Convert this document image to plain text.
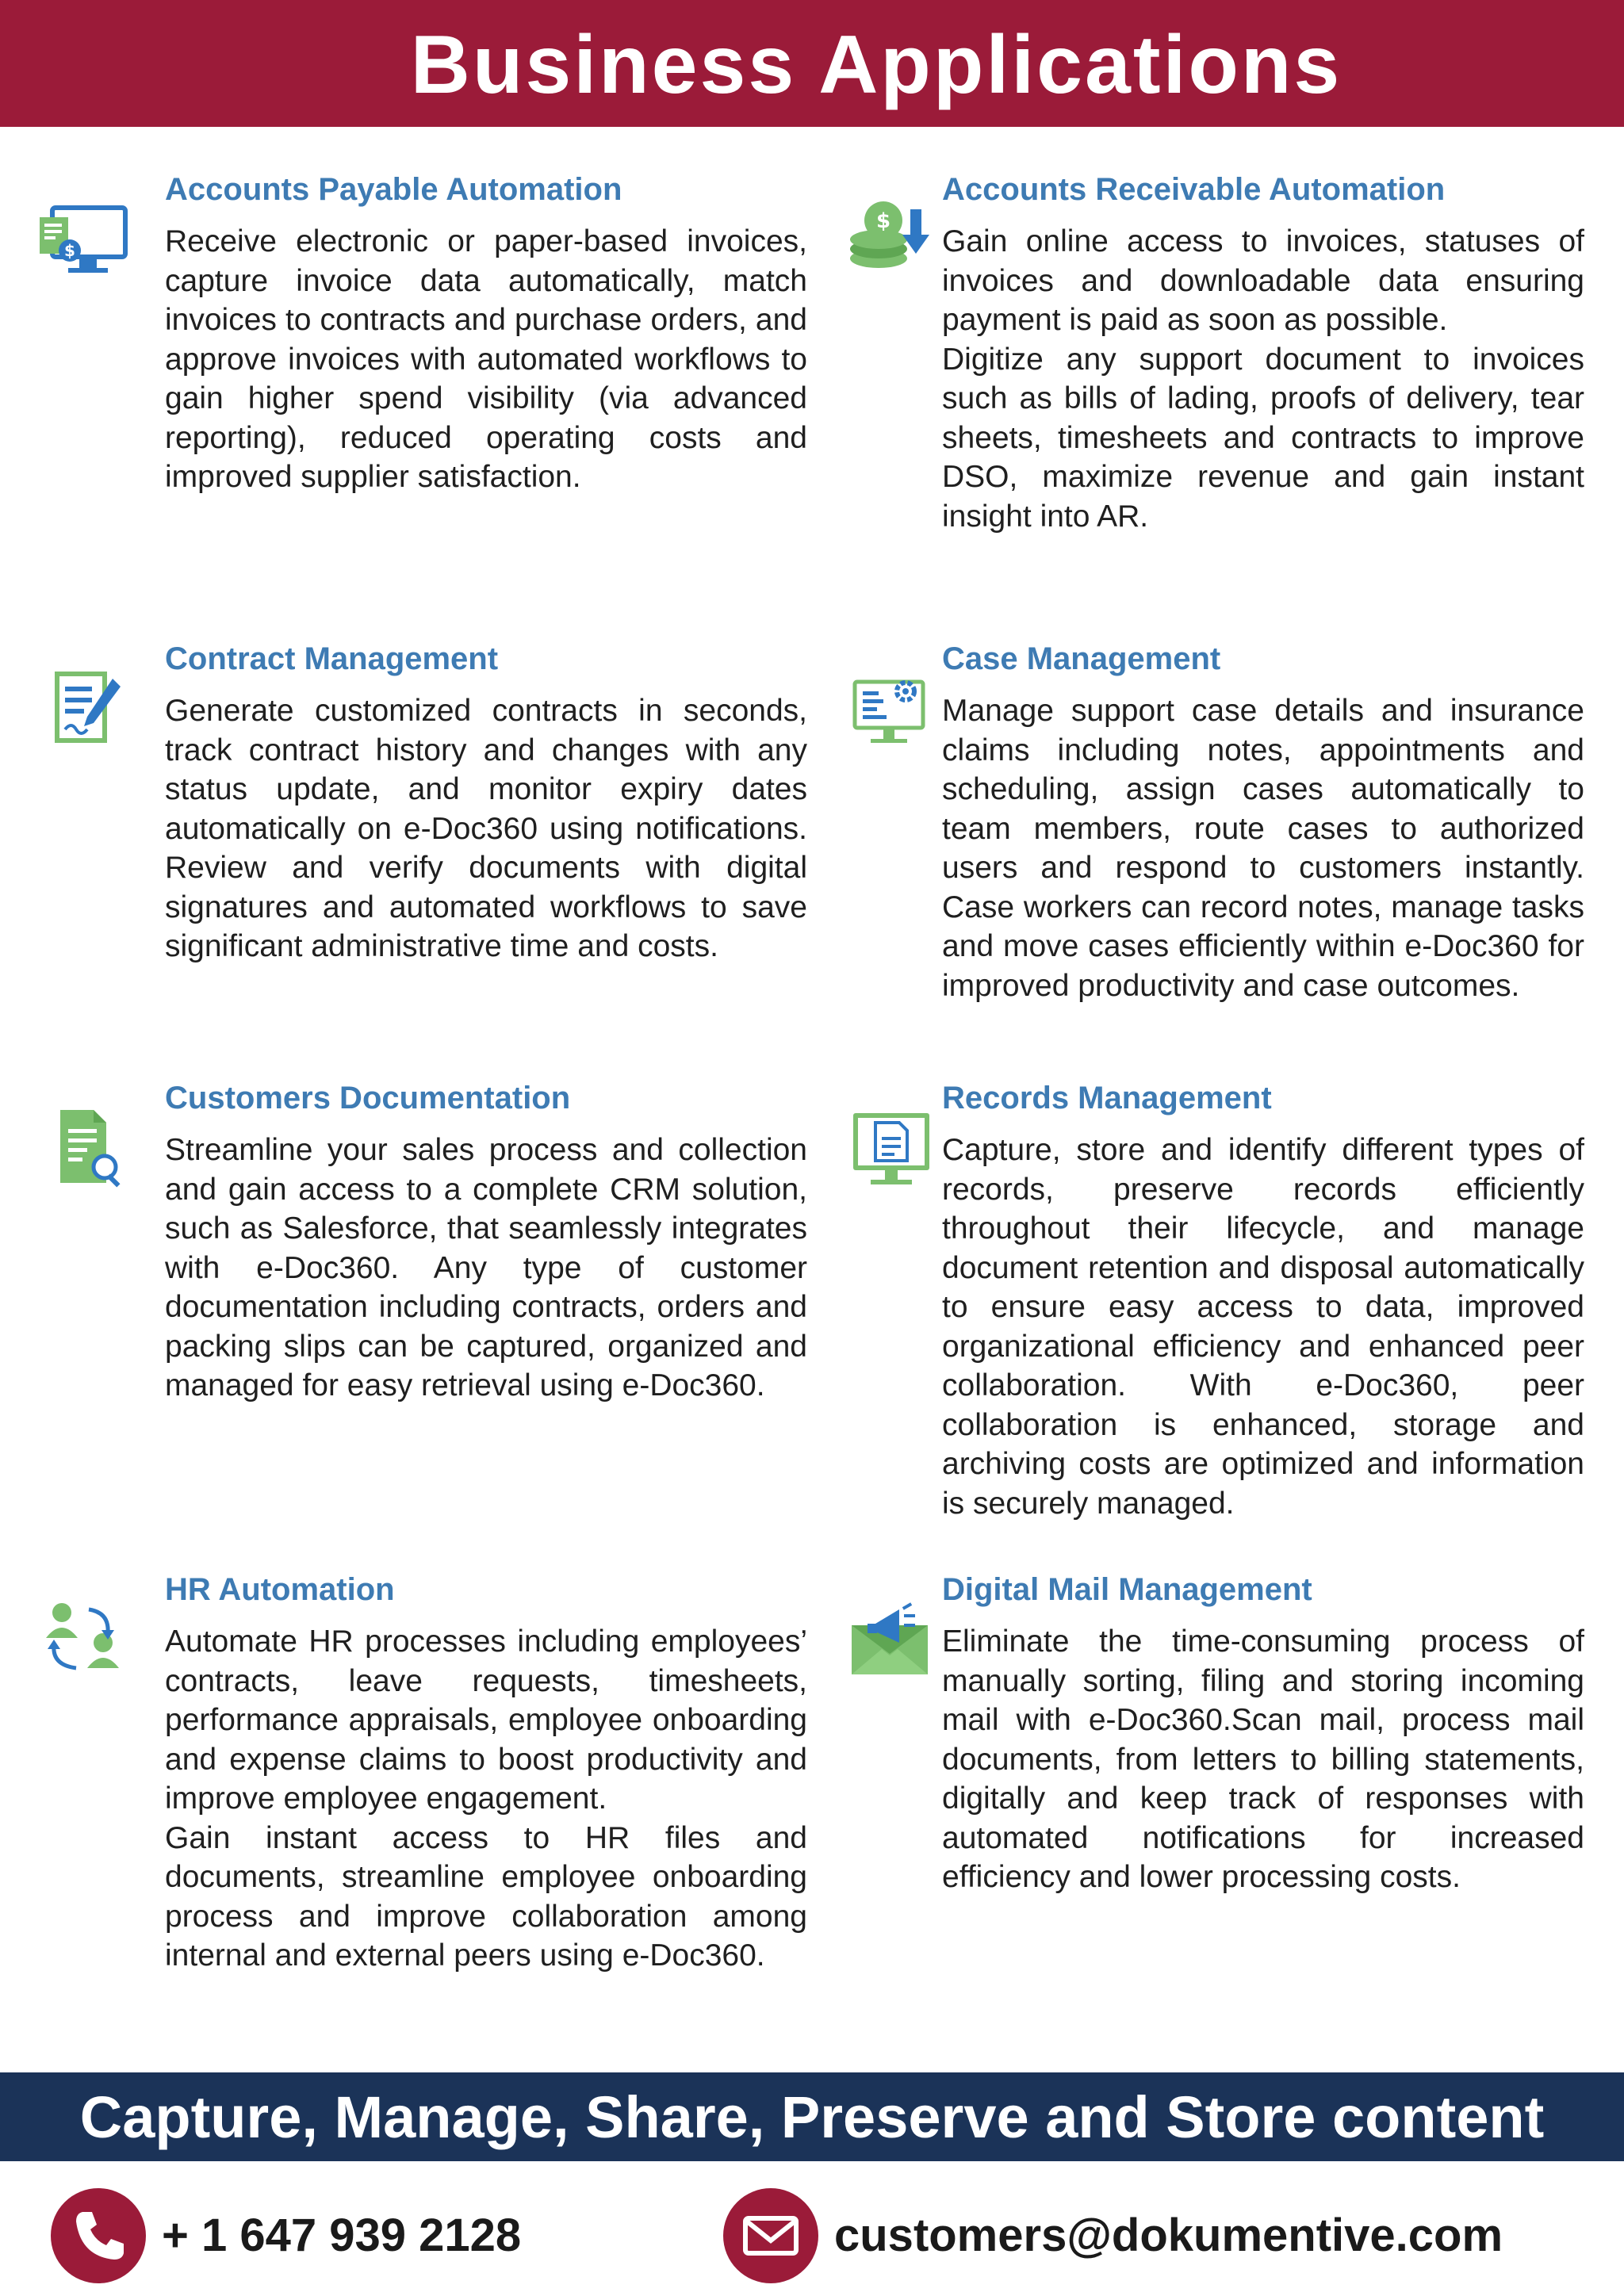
Business Applications
$
Accounts Payable Automation

Receive electronic or paper-based invoices, capture invoice data automatically, match invoices to contracts and purchase orders, and approve invoices with automated workflows to gain higher spend visibility (via advanced reporting), reduced operating costs and improved supplier satisfaction.

$
Accounts Receivable Automation

Gain online access to invoices, statuses of invoices and downloadable data ensuring payment is paid as soon as possible.
Digitize any support document to invoices such as bills of lading, proofs of delivery, tear sheets, timesheets and contracts to improve DSO, maximize revenue and gain instant insight into AR.

Contract Management

Generate customized contracts in seconds, track contract history and changes with any status update, and monitor expiry dates automatically on e-Doc360 using notifications. Review and verify documents with digital signatures and automated workflows to save significant administrative time and costs.

Case Management

Manage support case details and insurance claims including notes, appointments and scheduling, assign cases automatically to team members, route cases to authorized users and respond to customers instantly. Case workers can record notes, manage tasks and move cases efficiently within e-Doc360 for improved productivity and case outcomes.

Customers Documentation

Streamline your sales process and collection and gain access to a complete CRM solution, such as Salesforce, that seamlessly integrates with e-Doc360. Any type of customer documentation including contracts, orders and packing slips can be captured, organized and managed for easy retrieval using e-Doc360.

Records Management

Capture, store and identify different types of records, preserve records efficiently throughout their lifecycle, and manage document retention and disposal automatically to ensure easy access to data, improved organizational efficiency and enhanced peer collaboration. With e-Doc360, peer collaboration is enhanced, storage and archiving costs are optimized and information is securely managed.

HR Automation

Automate HR processes including employees’ contracts, leave requests, timesheets, performance appraisals, employee onboarding and expense claims to boost productivity and improve employee engagement.
Gain instant access to HR files and documents, streamline employee onboarding process and improve collaboration among internal and external peers using e-Doc360.

Digital Mail Management

Eliminate the time-consuming process of manually sorting, filing and storing incoming mail with e-Doc360.Scan mail, process mail documents, from letters to billing statements, digitally and keep track of responses with automated notifications for increased efficiency and lower processing costs.

Capture, Manage, Share, Preserve and Store content
+ 1 647 939 2128	customers@dokumentive.com
